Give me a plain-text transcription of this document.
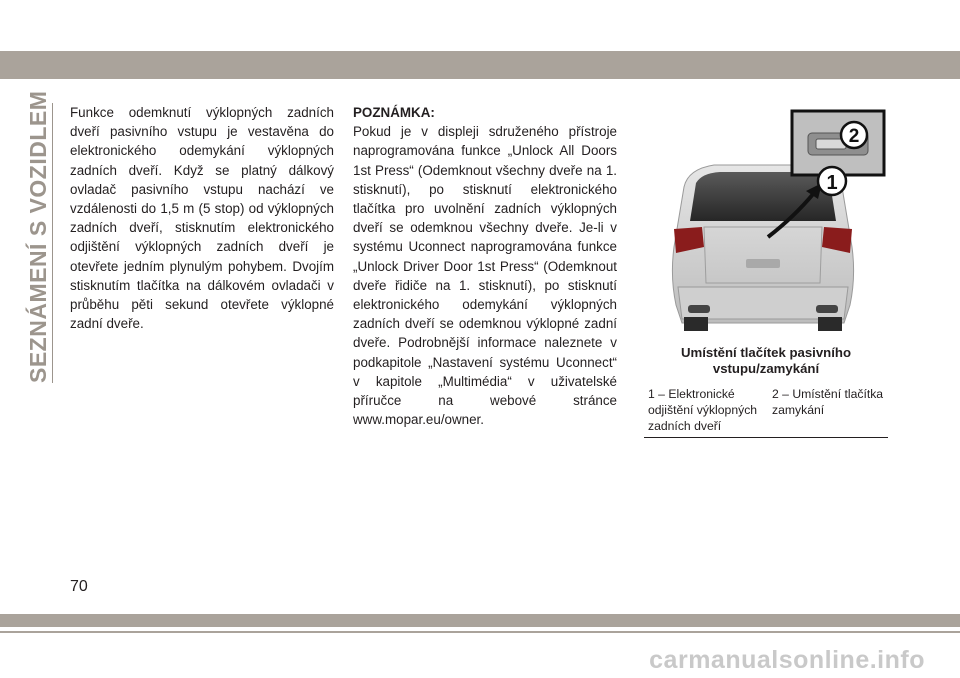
SEZNÁMENÍ S VOZIDLEM Funkce odemknutí výklopných zadních dveří pasivního vstupu je vestavěna do elektronického odemykání výklopných zadních dveří. Když se platný dálkový ovladač pasivního vstupu nachází ve vzdálenosti do 1,5 m (5 stop) od výklopných zadních dveří, stisknutím elektronického odjištění výklopných zadních dveří je otevřete jedním plynulým pohybem. Dvojím stisknutím tlačítka na dálkovém ovladači v průběhu pěti sekund otevřete výklopné zadní dveře.

POZNÁMKA:

Pokud je v displeji sdruženého přístroje naprogramována funkce „Unlock All Doors 1st Press“ (Odemknout všechny dveře na 1. stisknutí), po stisknutí elektronického tlačítka pro uvolnění zadních výklopných dveří se odemknou všechny dveře. Je-li v systému Uconnect naprogramována funkce „Unlock Driver Door 1st Press“ (Odemknout dveře řidiče na 1. stisknutí), po stisknutí elektronického odemykání výklopných zadních dveří se odemknou výklopné zadní dveře. Podrobnější informace naleznete v podkapitole „Nastavení systému Uconnect“ v kapitole „Multimédia“ v uživatelské příručce na webové stránce www.mopar.eu/owner.

1
2
Umístění tlačítek pasivního vstupu/zamykání
1 – Elektronické odjištění výklopných zadních dveří
2 – Umístění tlačítka zamykání
70
carmanualsonline.info
